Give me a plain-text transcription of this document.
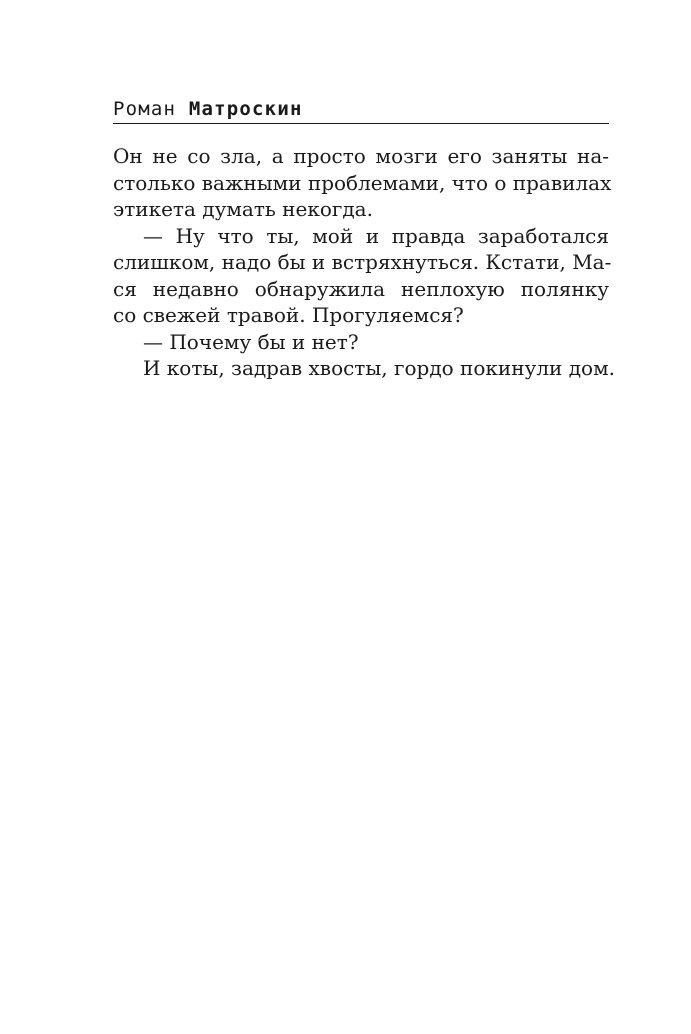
Роман Матроскин

Он не со зла, а просто мозги его заняты на-
столько важными проблемами, что о правилах
этикета думать некогда.

— Ну что ты, мой и правда заработался
слишком, надо бы и встряхнуться. Кстати, Ма-
ся недавно обнаружила неплохую полянку
со свежей травой. Прогуляемся?

— Почему бы и нет?

И коты, задрав хвосты, гордо покинули дом.
